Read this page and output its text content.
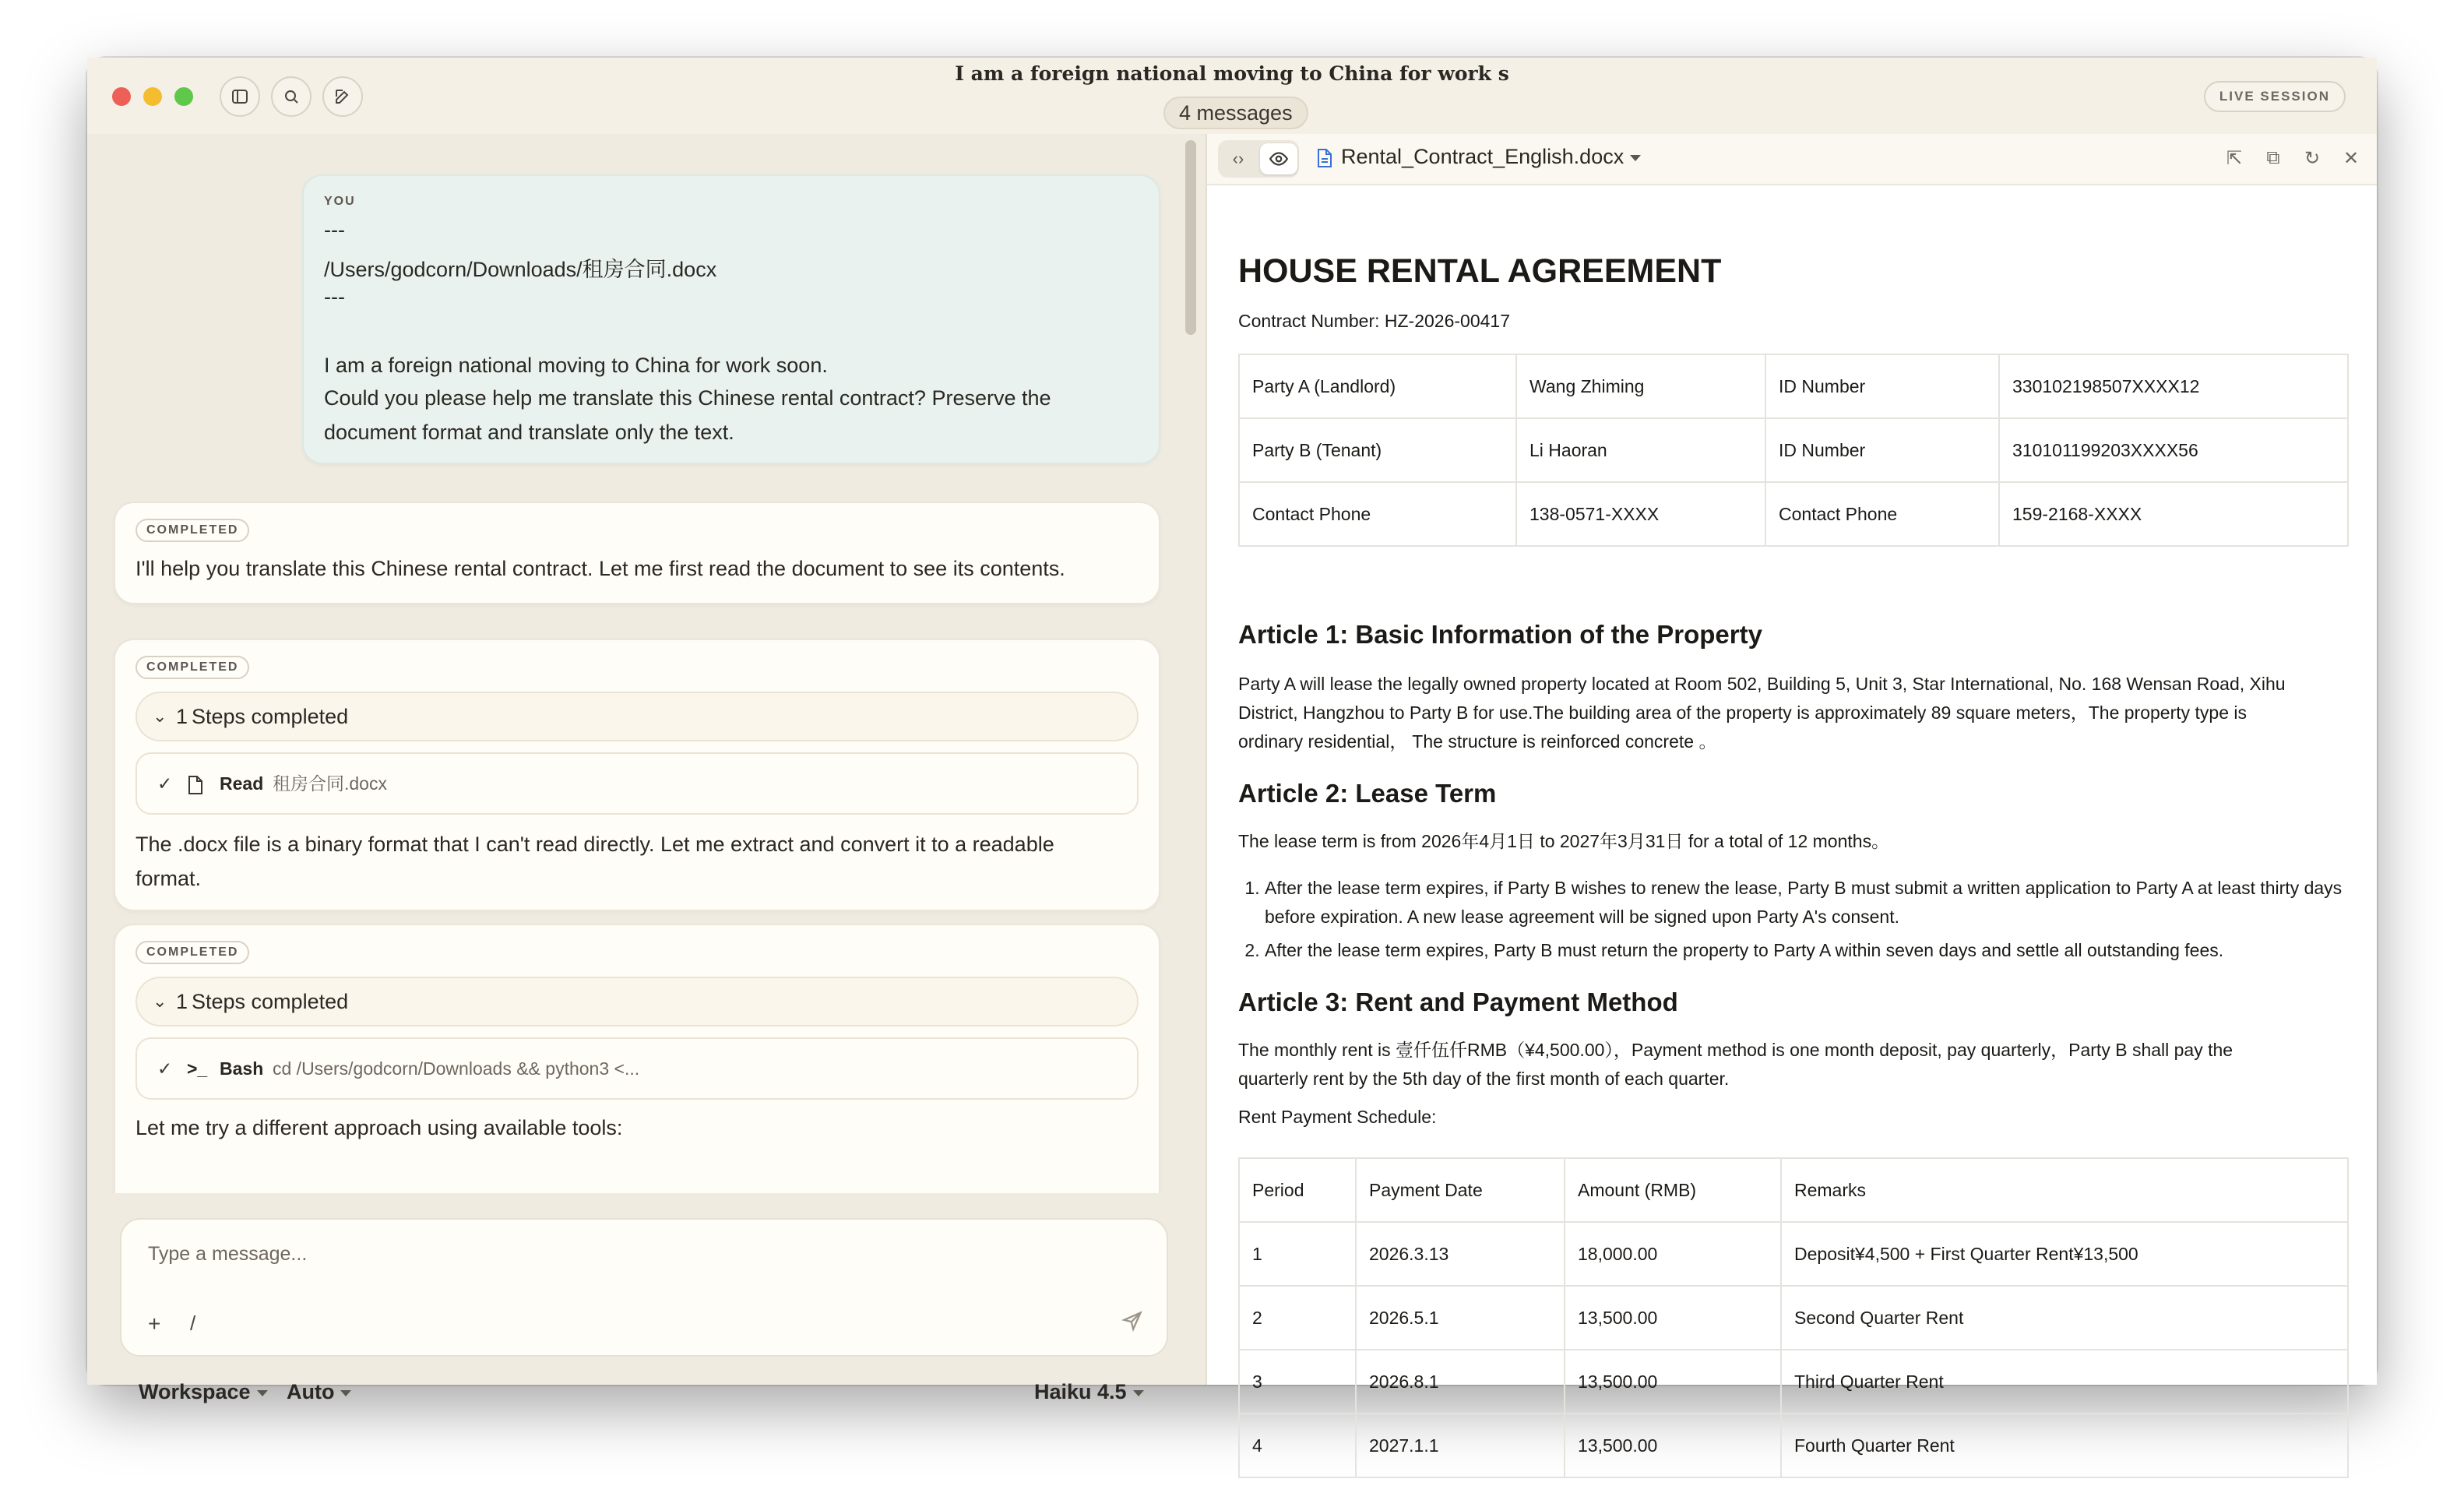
I am a foreign national moving to China for work s
4 messages
LIVE SESSION
YOU
---
/Users/godcorn/Downloads/租房合同.docx
---
I am a foreign national moving to China for work soon.
Could you please help me translate this Chinese rental contract? Preserve the
document format and translate only the text.
COMPLETED
I'll help you translate this Chinese rental contract. Let me first read the document to see its contents.
COMPLETED
⌄ 1 Steps completed
✓	Read 租房合同.docx
The .docx file is a binary format that I can't read directly. Let me extract and convert it to a readable
format.
COMPLETED
⌄ 1 Steps completed
✓ >_ Bash cd /Users/godcorn/Downloads && python3 <...
Let me try a different approach using available tools:
Type a message...
+ /
Workspace	Auto	Haiku 4.5
‹›	Rental_Contract_English.docx	⇱ ⧉ ↻ ✕
HOUSE RENTAL AGREEMENT
Contract Number: HZ-2026-00417
Party A (Landlord)	Wang Zhiming	ID Number	330102198507XXXX12
Party B (Tenant)	Li Haoran	ID Number	310101199203XXXX56
Contact Phone	138-0571-XXXX	Contact Phone	159-2168-XXXX
Article 1: Basic Information of the Property
Party A will lease the legally owned property located at Room 502, Building 5, Unit 3, Star International, No. 168 Wensan Road, Xihu
District, Hangzhou to Party B for use.The building area of the property is approximately 89 square meters，The property type is
ordinary residential， The structure is reinforced concrete 。
Article 2: Lease Term
The lease term is from 2026年4月1日 to 2027年3月31日 for a total of 12 months。
1. After the lease term expires, if Party B wishes to renew the lease, Party B must submit a written application to Party A at least thirty days before expiration. A new lease agreement will be signed upon Party A's consent.
2. After the lease term expires, Party B must return the property to Party A within seven days and settle all outstanding fees.
Article 3: Rent and Payment Method
The monthly rent is 壹仟伍仟RMB（¥4,500.00），Payment method is one month deposit, pay quarterly，Party B shall pay the
quarterly rent by the 5th day of the first month of each quarter.
Rent Payment Schedule:
Period	Payment Date	Amount (RMB)	Remarks
1	2026.3.13	18,000.00	Deposit¥4,500 + First Quarter Rent¥13,500
2	2026.5.1	13,500.00	Second Quarter Rent
3	2026.8.1	13,500.00	Third Quarter Rent
4	2027.1.1	13,500.00	Fourth Quarter Rent
